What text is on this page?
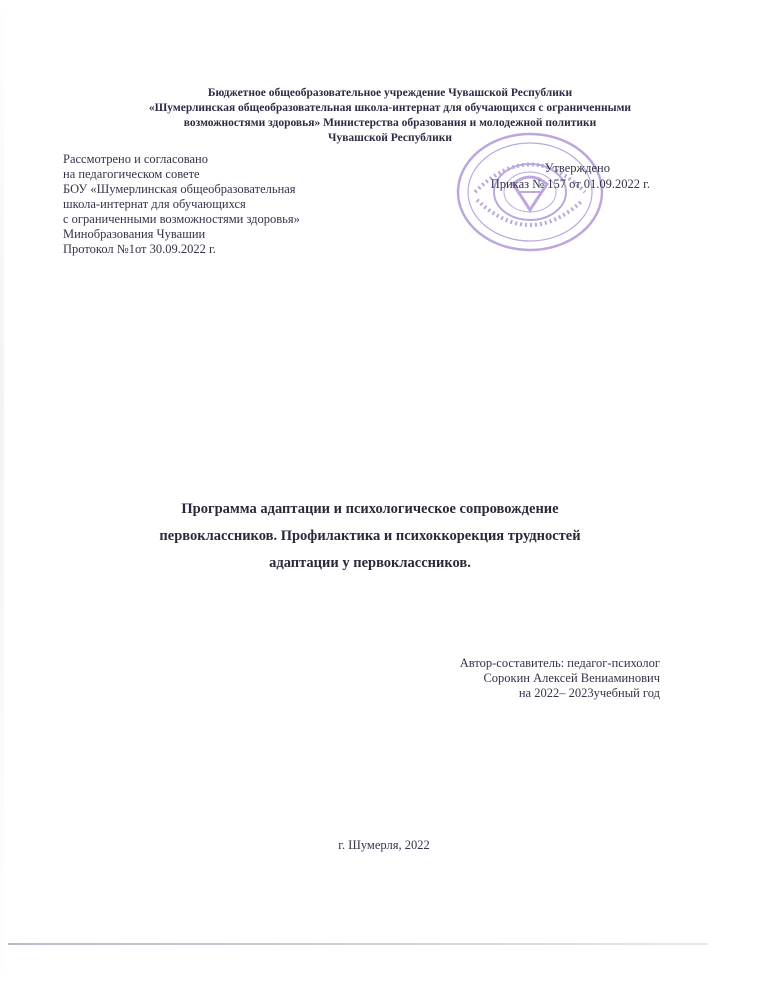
Бюджетное общеобразовательное учреждение Чувашской Республики
«Шумерлинская общеобразовательная школа-интернат для обучающихся с ограниченными
возможностями здоровья» Министерства образования и молодежной политики
Чувашской Республики
Рассмотрено и согласовано
на педагогическом совете
БОУ «Шумерлинская общеобразовательная
школа-интернат для обучающихся
с ограниченными возможностями здоровья»
Минобразования Чувашии
Протокол №1от 30.09.2022 г.
Утверждено
Приказ № 157 от 01.09.2022 г.
Программа адаптации и психологическое сопровождение
первоклассников. Профилактика и психоккорекция трудностей
адаптации у первоклассников.
Автор-составитель: педагог-психолог
Сорокин Алексей Вениаминович
на 2022– 2023учебный год
г. Шумерля, 2022
